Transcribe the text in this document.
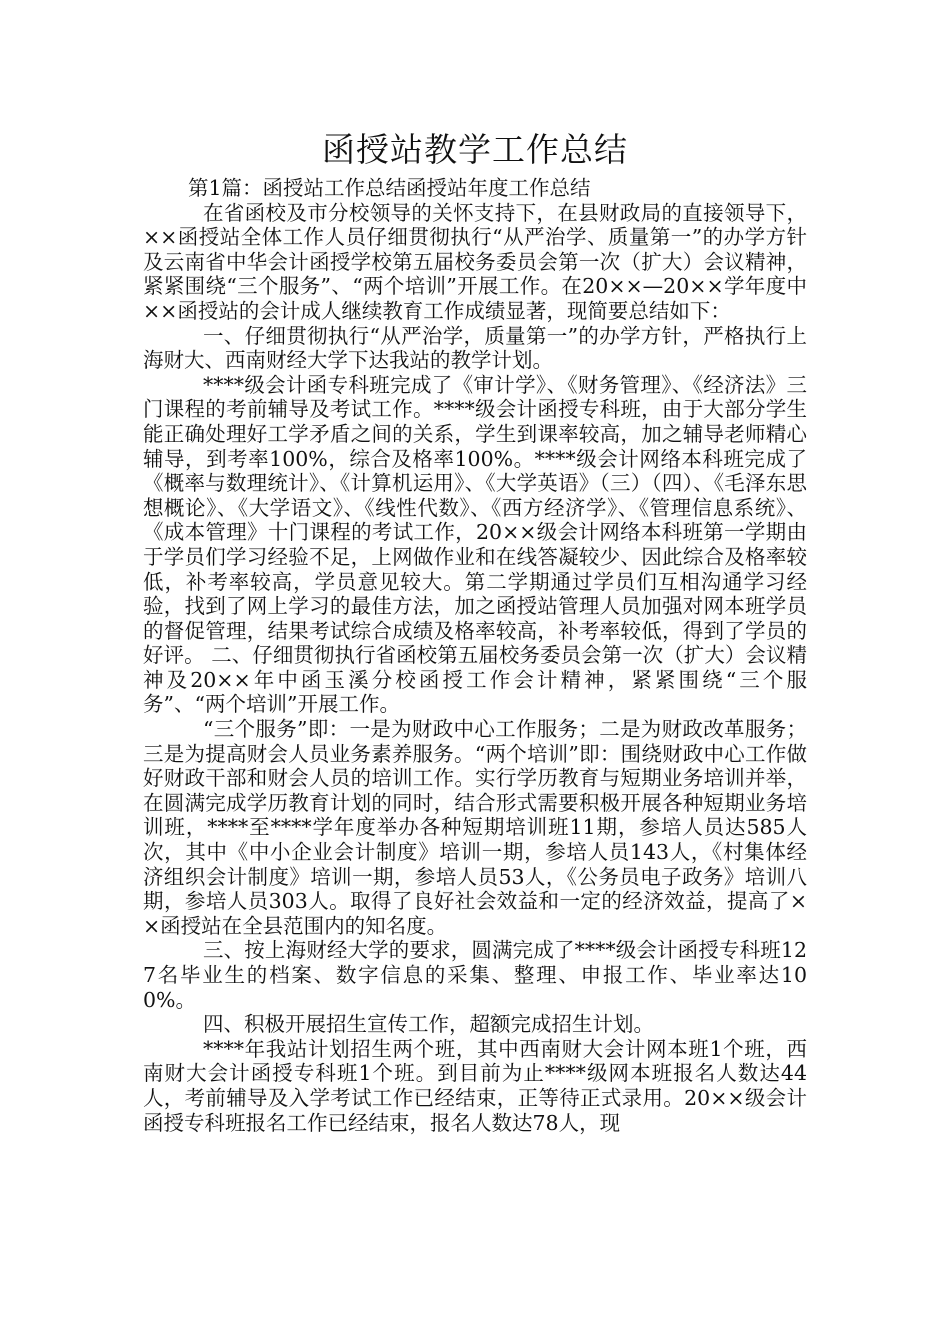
函授站教学工作总结

第1篇：函授站工作总结函授站年度工作总结

在省函校及市分校领导的关怀支持下，在县财政局的直接领导下，××函授站全体工作人员仔细贯彻执行“从严治学、质量第一”的办学方针及云南省中华会计函授学校第五届校务委员会第一次（扩大）会议精神，紧紧围绕“三个服务”、“两个培训”开展工作。在20××—20××学年度中××函授站的会计成人继续教育工作成绩显著，现简要总结如下：

一、仔细贯彻执行“从严治学，质量第一”的办学方针，严格执行上海财大、西南财经大学下达我站的教学计划。

****级会计函专科班完成了《审计学》、《财务管理》、《经济法》三门课程的考前辅导及考试工作。****级会计函授专科班，由于大部分学生能正确处理好工学矛盾之间的关系，学生到课率较高，加之辅导老师精心辅导，到考率100%，综合及格率100%。****级会计网络本科班完成了《概率与数理统计》、《计算机运用》、《大学英语》（三）（四）、《毛泽东思想概论》、《大学语文》、《线性代数》、《西方经济学》、《管理信息系统》、《成本管理》十门课程的考试工作，20××级会计网络本科班第一学期由于学员们学习经验不足，上网做作业和在线答凝较少、因此综合及格率较低，补考率较高，学员意见较大。第二学期通过学员们互相沟通学习经验，找到了网上学习的最佳方法，加之函授站管理人员加强对网本班学员的督促管理，结果考试综合成绩及格率较高，补考率较低，得到了学员的好评。 二、仔细贯彻执行省函校第五届校务委员会第一次（扩大）会议精神及20××年中函玉溪分校函授工作会计精神，紧紧围绕“三个服务”、“两个培训”开展工作。

“三个服务”即：一是为财政中心工作服务；二是为财政改革服务；三是为提高财会人员业务素养服务。“两个培训”即：围绕财政中心工作做好财政干部和财会人员的培训工作。实行学历教育与短期业务培训并举，在圆满完成学历教育计划的同时，结合形式需要积极开展各种短期业务培训班，****至****学年度举办各种短期培训班11期，参培人员达585人次，其中《中小企业会计制度》培训一期，参培人员143人，《村集体经济组织会计制度》培训一期，参培人员53人，《公务员电子政务》培训八期，参培人员303人。取得了良好社会效益和一定的经济效益，提高了××函授站在全县范围内的知名度。

三、按上海财经大学的要求，圆满完成了****级会计函授专科班127名毕业生的档案、数字信息的采集、整理、申报工作、毕业率达100%。

四、积极开展招生宣传工作，超额完成招生计划。

****年我站计划招生两个班，其中西南财大会计网本班1个班，西南财大会计函授专科班1个班。到目前为止****级网本班报名人数达44人，考前辅导及入学考试工作已经结束，正等待正式录用。20××级会计函授专科班报名工作已经结束，报名人数达78人，现
